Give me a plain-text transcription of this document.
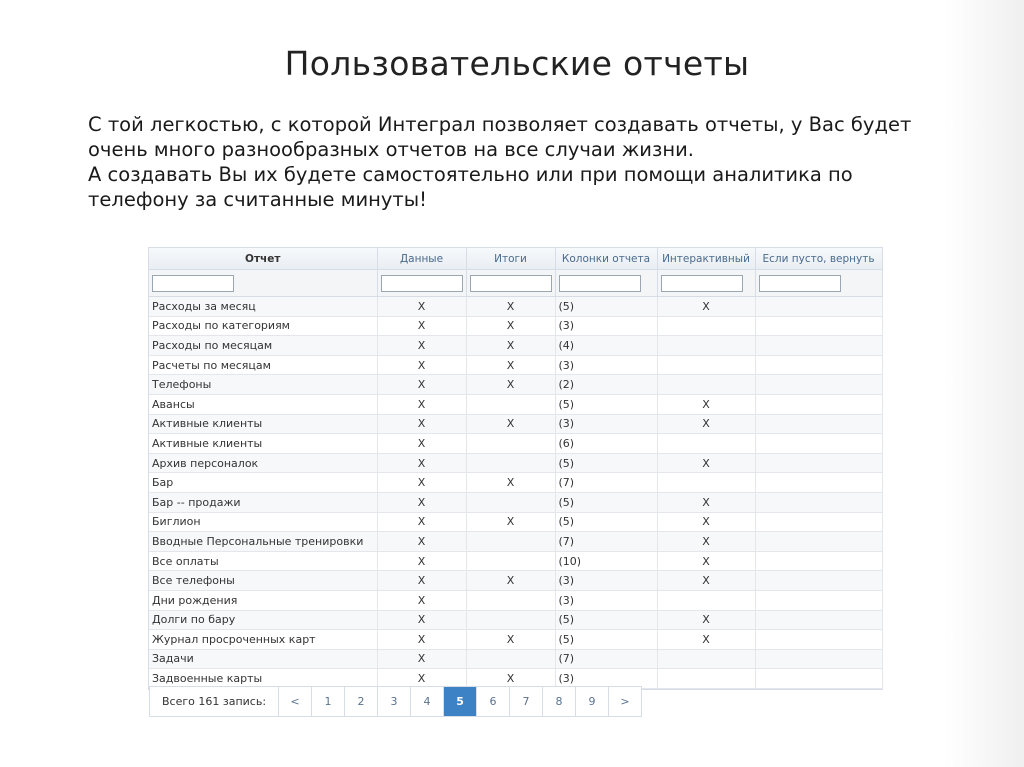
Пользовательские отчеты
С той легкостью, с которой Интеграл позволяет создавать отчеты, у Вас будет
очень много разнообразных отчетов на все случаи жизни.
А создавать Вы их будете самостоятельно или при помощи аналитика по
телефону за считанные минуты!
Отчет	Данные	Итоги	Колонки отчета	Интерактивный	Если пусто, вернуть

Расходы за месяц	X	X	(5)	X	
Расходы по категориям	X	X	(3)		
Расходы по месяцам	X	X	(4)		
Расчеты по месяцам	X	X	(3)		
Телефоны	X	X	(2)		
Авансы	X		(5)	X	
Активные клиенты	X	X	(3)	X	
Активные клиенты	X		(6)		
Архив персоналок	X		(5)	X	
Бар	X	X	(7)		
Бар -- продажи	X		(5)	X	
Биглион	X	X	(5)	X	
Вводные Персональные тренировки	X		(7)	X	
Все оплаты	X		(10)	X	
Все телефоны	X	X	(3)	X	
Дни рождения	X		(3)		
Долги по бару	X		(5)	X	
Журнал просроченных карт	X	X	(5)	X	
Задачи	X		(7)		
Задвоенные карты	X	X	(3)		
Всего 161 запись:	<	1	2	3	4	5	6	7	8	9	>
